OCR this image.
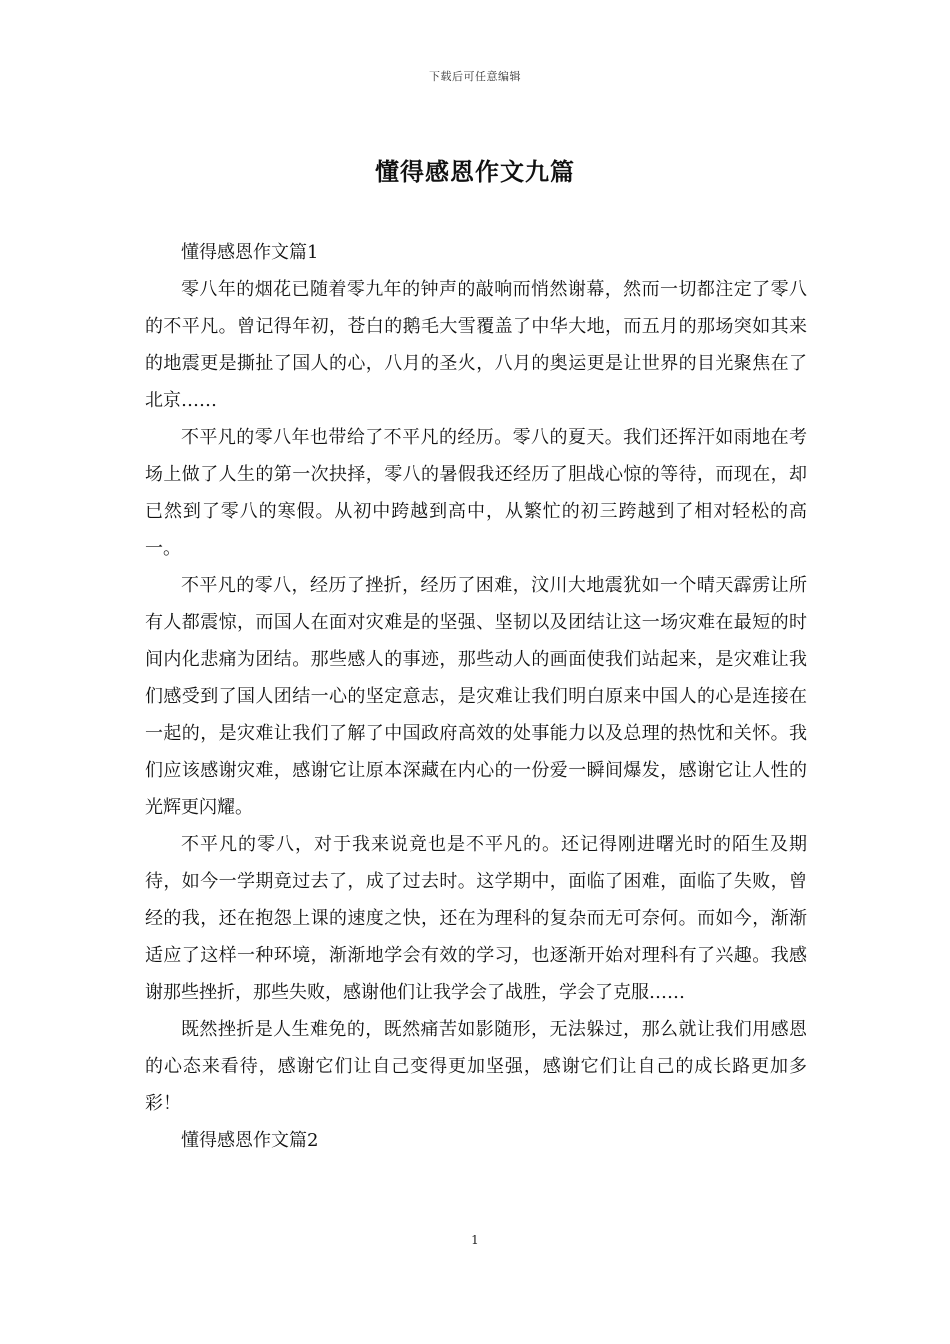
下载后可任意编辑
懂得感恩作文九篇

懂得感恩作文篇1

零八年的烟花已随着零九年的钟声的敲响而悄然谢幕，然而一切都注定了零八的不平凡。曾记得年初，苍白的鹅毛大雪覆盖了中华大地，而五月的那场突如其来的地震更是撕扯了国人的心，八月的圣火，八月的奥运更是让世界的目光聚焦在了北京……

不平凡的零八年也带给了不平凡的经历。零八的夏天。我们还挥汗如雨地在考场上做了人生的第一次抉择，零八的暑假我还经历了胆战心惊的等待，而现在，却已然到了零八的寒假。从初中跨越到高中，从繁忙的初三跨越到了相对轻松的高一。

不平凡的零八，经历了挫折，经历了困难，汶川大地震犹如一个晴天霹雳让所有人都震惊，而国人在面对灾难是的坚强、坚韧以及团结让这一场灾难在最短的时间内化悲痛为团结。那些感人的事迹，那些动人的画面使我们站起来，是灾难让我们感受到了国人团结一心的坚定意志，是灾难让我们明白原来中国人的心是连接在一起的，是灾难让我们了解了中国政府高效的处事能力以及总理的热忱和关怀。我们应该感谢灾难，感谢它让原本深藏在内心的一份爱一瞬间爆发，感谢它让人性的光辉更闪耀。

不平凡的零八，对于我来说竟也是不平凡的。还记得刚进曙光时的陌生及期待，如今一学期竟过去了，成了过去时。这学期中，面临了困难，面临了失败，曾经的我，还在抱怨上课的速度之快，还在为理科的复杂而无可奈何。而如今，渐渐适应了这样一种环境，渐渐地学会有效的学习，也逐渐开始对理科有了兴趣。我感谢那些挫折，那些失败，感谢他们让我学会了战胜，学会了克服……

既然挫折是人生难免的，既然痛苦如影随形，无法躲过，那么就让我们用感恩的心态来看待，感谢它们让自己变得更加坚强，感谢它们让自己的成长路更加多彩！

懂得感恩作文篇2

1
